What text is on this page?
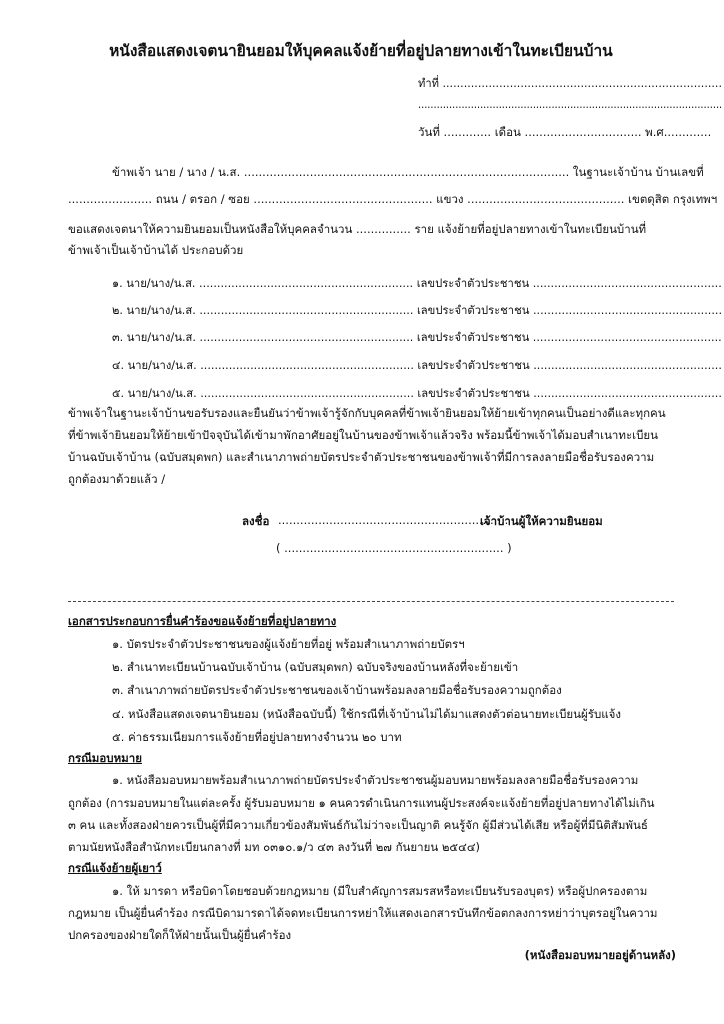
หนังสือแสดงเจตนายินยอมให้บุคคลแจ้งย้ายที่อยู่ปลายทางเข้าในทะเบียนบ้าน
ทำที่ ...............................................................................
..................................................................................................
วันที่ ............. เดือน ................................ พ.ศ.............
ข้าพเจ้า นาย / นาง / น.ส. ......................................................................................... ในฐานะเจ้าบ้าน บ้านเลขที่
....................... ถนน / ตรอก / ซอย ................................................. แขวง ........................................... เขตดุสิต กรุงเทพฯ
ขอแสดงเจตนาให้ความยินยอมเป็นหนังสือให้บุคคลจำนวน ............... ราย แจ้งย้ายที่อยู่ปลายทางเข้าในทะเบียนบ้านที่
ข้าพเจ้าเป็นเจ้าบ้านได้ ประกอบด้วย
๑. นาย/นาง/น.ส. ............................................................ เลขประจำตัวประชาชน .....................................................
๒. นาย/นาง/น.ส. ............................................................ เลขประจำตัวประชาชน .....................................................
๓. นาย/นาง/น.ส. ............................................................ เลขประจำตัวประชาชน .....................................................
๔. นาย/นาง/น.ส. ............................................................ เลขประจำตัวประชาชน .....................................................
๕. นาย/นาง/น.ส. ............................................................ เลขประจำตัวประชาชน .....................................................
ข้าพเจ้าในฐานะเจ้าบ้านขอรับรองและยืนยันว่าข้าพเจ้ารู้จักกับบุคคลที่ข้าพเจ้ายินยอมให้ย้ายเข้าทุกคนเป็นอย่างดีและทุกคน
ที่ข้าพเจ้ายินยอมให้ย้ายเข้าปัจจุบันได้เข้ามาพักอาศัยอยู่ในบ้านของข้าพเจ้าแล้วจริง พร้อมนี้ข้าพเจ้าได้มอบสำเนาทะเบียน
บ้านฉบับเจ้าบ้าน (ฉบับสมุดพก) และสำเนาภาพถ่ายบัตรประจำตัวประชาชนของข้าพเจ้าที่มีการลงลายมือชื่อรับรองความ
ถูกต้องมาด้วยแล้ว /
ลงชื่อ ...............................................................
เจ้าบ้านผู้ให้ความยินยอม
( ............................................................ )
เอกสารประกอบการยื่นคำร้องขอแจ้งย้ายที่อยู่ปลายทาง
๑. บัตรประจำตัวประชาชนของผู้แจ้งย้ายที่อยู่ พร้อมสำเนาภาพถ่ายบัตรฯ
๒. สำเนาทะเบียนบ้านฉบับเจ้าบ้าน (ฉบับสมุดพก) ฉบับจริงของบ้านหลังที่จะย้ายเข้า
๓. สำเนาภาพถ่ายบัตรประจำตัวประชาชนของเจ้าบ้านพร้อมลงลายมือชื่อรับรองความถูกต้อง
๔. หนังสือแสดงเจตนายินยอม (หนังสือฉบับนี้) ใช้กรณีที่เจ้าบ้านไม่ได้มาแสดงตัวต่อนายทะเบียนผู้รับแจ้ง
๕. ค่าธรรมเนียมการแจ้งย้ายที่อยู่ปลายทางจำนวน ๒๐ บาท
กรณีมอบหมาย
๑. หนังสือมอบหมายพร้อมสำเนาภาพถ่ายบัตรประจำตัวประชาชนผู้มอบหมายพร้อมลงลายมือชื่อรับรองความ
ถูกต้อง (การมอบหมายในแต่ละครั้ง ผู้รับมอบหมาย ๑ คนควรดำเนินการแทนผู้ประสงค์จะแจ้งย้ายที่อยู่ปลายทางได้ไม่เกิน
๓ คน และทั้งสองฝ่ายควรเป็นผู้ที่มีความเกี่ยวข้องสัมพันธ์กันไม่ว่าจะเป็นญาติ คนรู้จัก ผู้มีส่วนได้เสีย หรือผู้ที่มีนิติสัมพันธ์
ตามนัยหนังสือสำนักทะเบียนกลางที่ มท ๐๓๑๐.๑/ว ๔๓ ลงวันที่ ๒๗ กันยายน ๒๕๔๔)
กรณีแจ้งย้ายผู้เยาว์
๑. ให้ มารดา หรือบิดาโดยชอบด้วยกฎหมาย (มีใบสำคัญการสมรสหรือทะเบียนรับรองบุตร) หรือผู้ปกครองตาม
กฎหมาย เป็นผู้ยื่นคำร้อง กรณีบิดามารดาได้จดทะเบียนการหย่าให้แสดงเอกสารบันทึกข้อตกลงการหย่าว่าบุตรอยู่ในความ
ปกครองของฝ่ายใดก็ให้ฝ่ายนั้นเป็นผู้ยื่นคำร้อง
(หนังสือมอบหมายอยู่ด้านหลัง)
